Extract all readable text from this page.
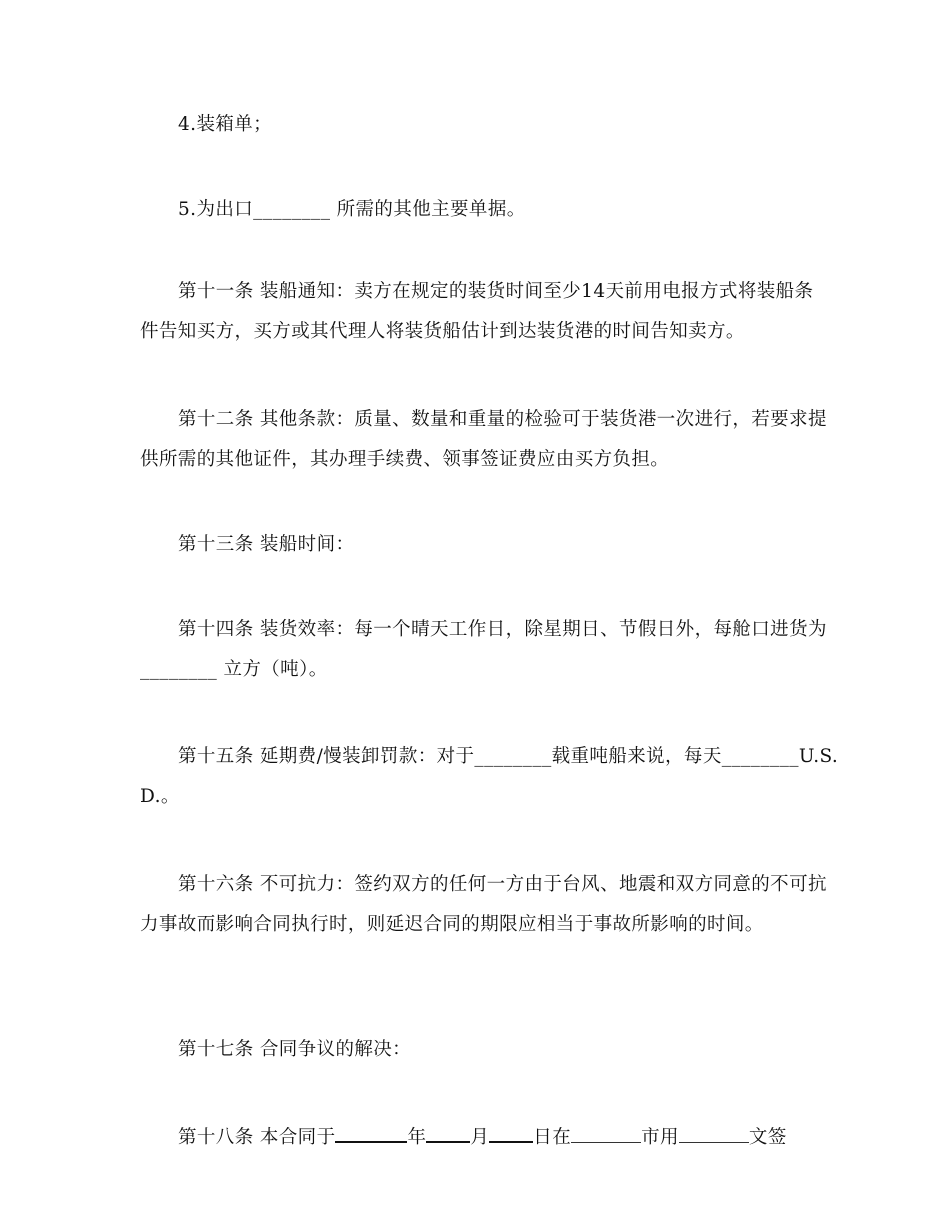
4.装箱单；
5.为出口________ 所需的其他主要单据。
第十一条 装船通知：卖方在规定的装货时间至少14天前用电报方式将装船条
件告知买方，买方或其代理人将装货船估计到达装货港的时间告知卖方。
第十二条 其他条款：质量、数量和重量的检验可于装货港一次进行，若要求提
供所需的其他证件，其办理手续费、领事签证费应由买方负担。
第十三条 装船时间：
第十四条 装货效率：每一个晴天工作日，除星期日、节假日外，每舱口进货为
________ 立方（吨）。
第十五条 延期费/慢装卸罚款：对于________载重吨船来说，每天________U.S.
D.。
第十六条 不可抗力：签约双方的任何一方由于台风、地震和双方同意的不可抗
力事故而影响合同执行时，则延迟合同的期限应相当于事故所影响的时间。
第十七条 合同争议的解决：
第十八条 本合同于	年 月 日在	市用	文签
